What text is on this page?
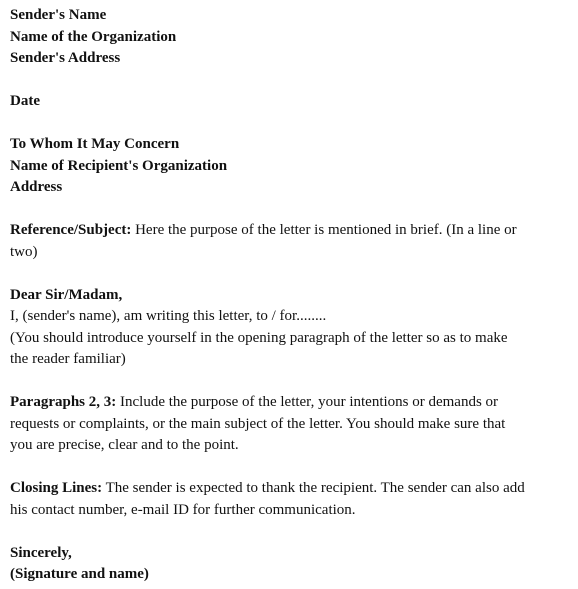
Sender's Name
Name of the Organization
Sender's Address
Date
To Whom It May Concern
Name of Recipient's Organization
Address
Reference/Subject: Here the purpose of the letter is mentioned in brief. (In a line or
two)
Dear Sir/Madam,
I, (sender's name), am writing this letter, to / for........
(You should introduce yourself in the opening paragraph of the letter so as to make
the reader familiar)
Paragraphs 2, 3: Include the purpose of the letter, your intentions or demands or
requests or complaints, or the main subject of the letter. You should make sure that
you are precise, clear and to the point.
Closing Lines: The sender is expected to thank the recipient. The sender can also add
his contact number, e-mail ID for further communication.
Sincerely,
(Signature and name)
